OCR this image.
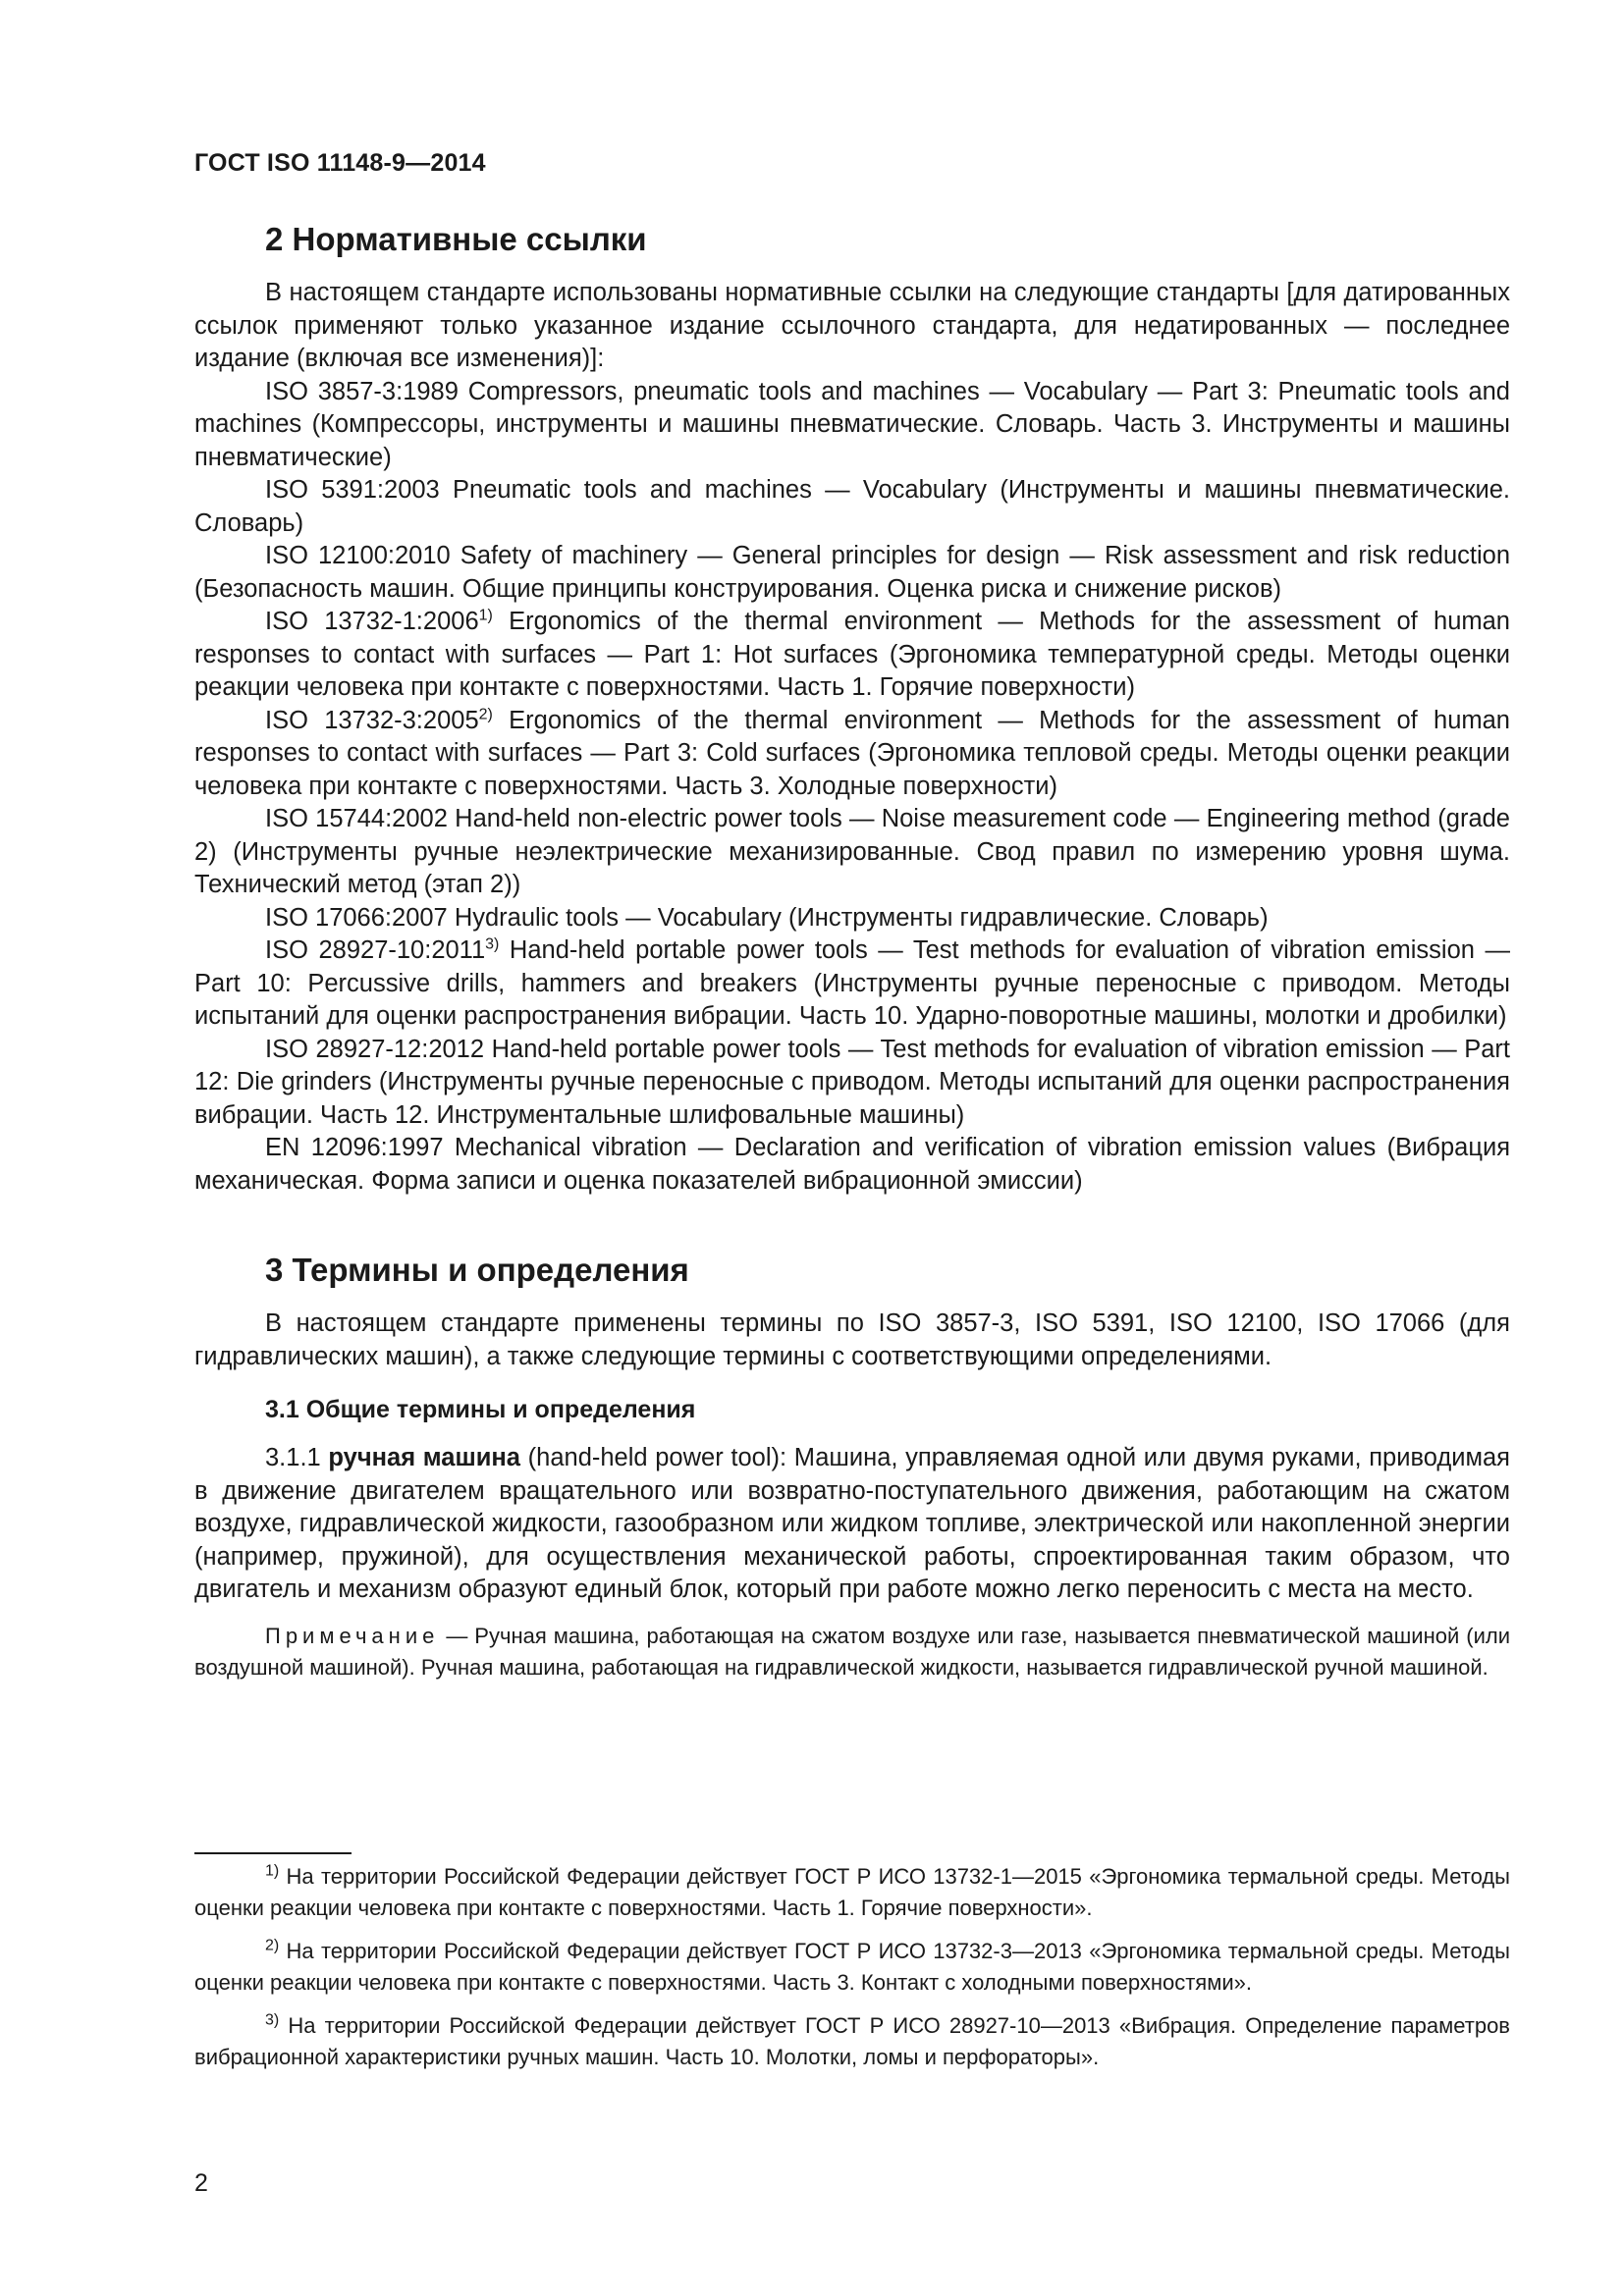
ГОСТ ISO 11148-9—2014
2 Нормативные ссылки

В настоящем стандарте использованы нормативные ссылки на следующие стандарты [для датированных ссылок применяют только указанное издание ссылочного стандарта, для недатированных — последнее издание (включая все изменения)]:

ISO 3857-3:1989 Compressors, pneumatic tools and machines — Vocabulary — Part 3: Pneumatic tools and machines (Компрессоры, инструменты и машины пневматические. Словарь. Часть 3. Инструменты и машины пневматические)

ISO 5391:2003 Pneumatic tools and machines — Vocabulary (Инструменты и машины пневматические. Словарь)

ISO 12100:2010 Safety of machinery — General principles for design — Risk assessment and risk reduction (Безопасность машин. Общие принципы конструирования. Оценка риска и снижение рисков)

ISO 13732-1:2006$^{1)}$ Ergonomics of the thermal environment — Methods for the assessment of human responses to contact with surfaces — Part 1: Hot surfaces (Эргономика температурной среды. Методы оценки реакции человека при контакте с поверхностями. Часть 1. Горячие поверхности)

ISO 13732-3:2005$^{2)}$ Ergonomics of the thermal environment — Methods for the assessment of human responses to contact with surfaces — Part 3: Cold surfaces (Эргономика тепловой среды. Методы оценки реакции человека при контакте с поверхностями. Часть 3. Холодные поверхности)

ISO 15744:2002 Hand-held non-electric power tools — Noise measurement code — Engineering method (grade 2) (Инструменты ручные неэлектрические механизированные. Свод правил по измерению уровня шума. Технический метод (этап 2))

ISO 17066:2007 Hydraulic tools — Vocabulary (Инструменты гидравлические. Словарь)

ISO 28927-10:2011$^{3)}$ Hand-held portable power tools — Test methods for evaluation of vibration emission — Part 10: Percussive drills, hammers and breakers (Инструменты ручные переносные с приводом. Методы испытаний для оценки распространения вибрации. Часть 10. Ударно-поворотные машины, молотки и дробилки)

ISO 28927-12:2012 Hand-held portable power tools — Test methods for evaluation of vibration emission — Part 12: Die grinders (Инструменты ручные переносные с приводом. Методы испытаний для оценки распространения вибрации. Часть 12. Инструментальные шлифовальные машины)

EN 12096:1997 Mechanical vibration — Declaration and verification of vibration emission values (Вибрация механическая. Форма записи и оценка показателей вибрационной эмиссии)

3 Термины и определения

В настоящем стандарте применены термины по ISO 3857-3, ISO 5391, ISO 12100, ISO 17066 (для гидравлических машин), а также следующие термины с соответствующими определениями.

3.1 Общие термины и определения

3.1.1 ручная машина (hand-held power tool): Машина, управляемая одной или двумя руками, приводимая в движение двигателем вращательного или возвратно-поступательного движения, работающим на сжатом воздухе, гидравлической жидкости, газообразном или жидком топливе, электрической или накопленной энергии (например, пружиной), для осуществления механической работы, спроектированная таким образом, что двигатель и механизм образуют единый блок, который при работе можно легко переносить с места на место.

Примечание — Ручная машина, работающая на сжатом воздухе или газе, называется пневматической машиной (или воздушной машиной). Ручная машина, работающая на гидравлической жидкости, называется гидравлической ручной машиной.

$^{1)}$ На территории Российской Федерации действует ГОСТ Р ИСО 13732-1—2015 «Эргономика термальной среды. Методы оценки реакции человека при контакте с поверхностями. Часть 1. Горячие поверхности».

$^{2)}$ На территории Российской Федерации действует ГОСТ Р ИСО 13732-3—2013 «Эргономика термальной среды. Методы оценки реакции человека при контакте с поверхностями. Часть 3. Контакт с холодными поверхностями».

$^{3)}$ На территории Российской Федерации действует ГОСТ Р ИСО 28927-10—2013 «Вибрация. Определение параметров вибрационной характеристики ручных машин. Часть 10. Молотки, ломы и перфораторы».

2
